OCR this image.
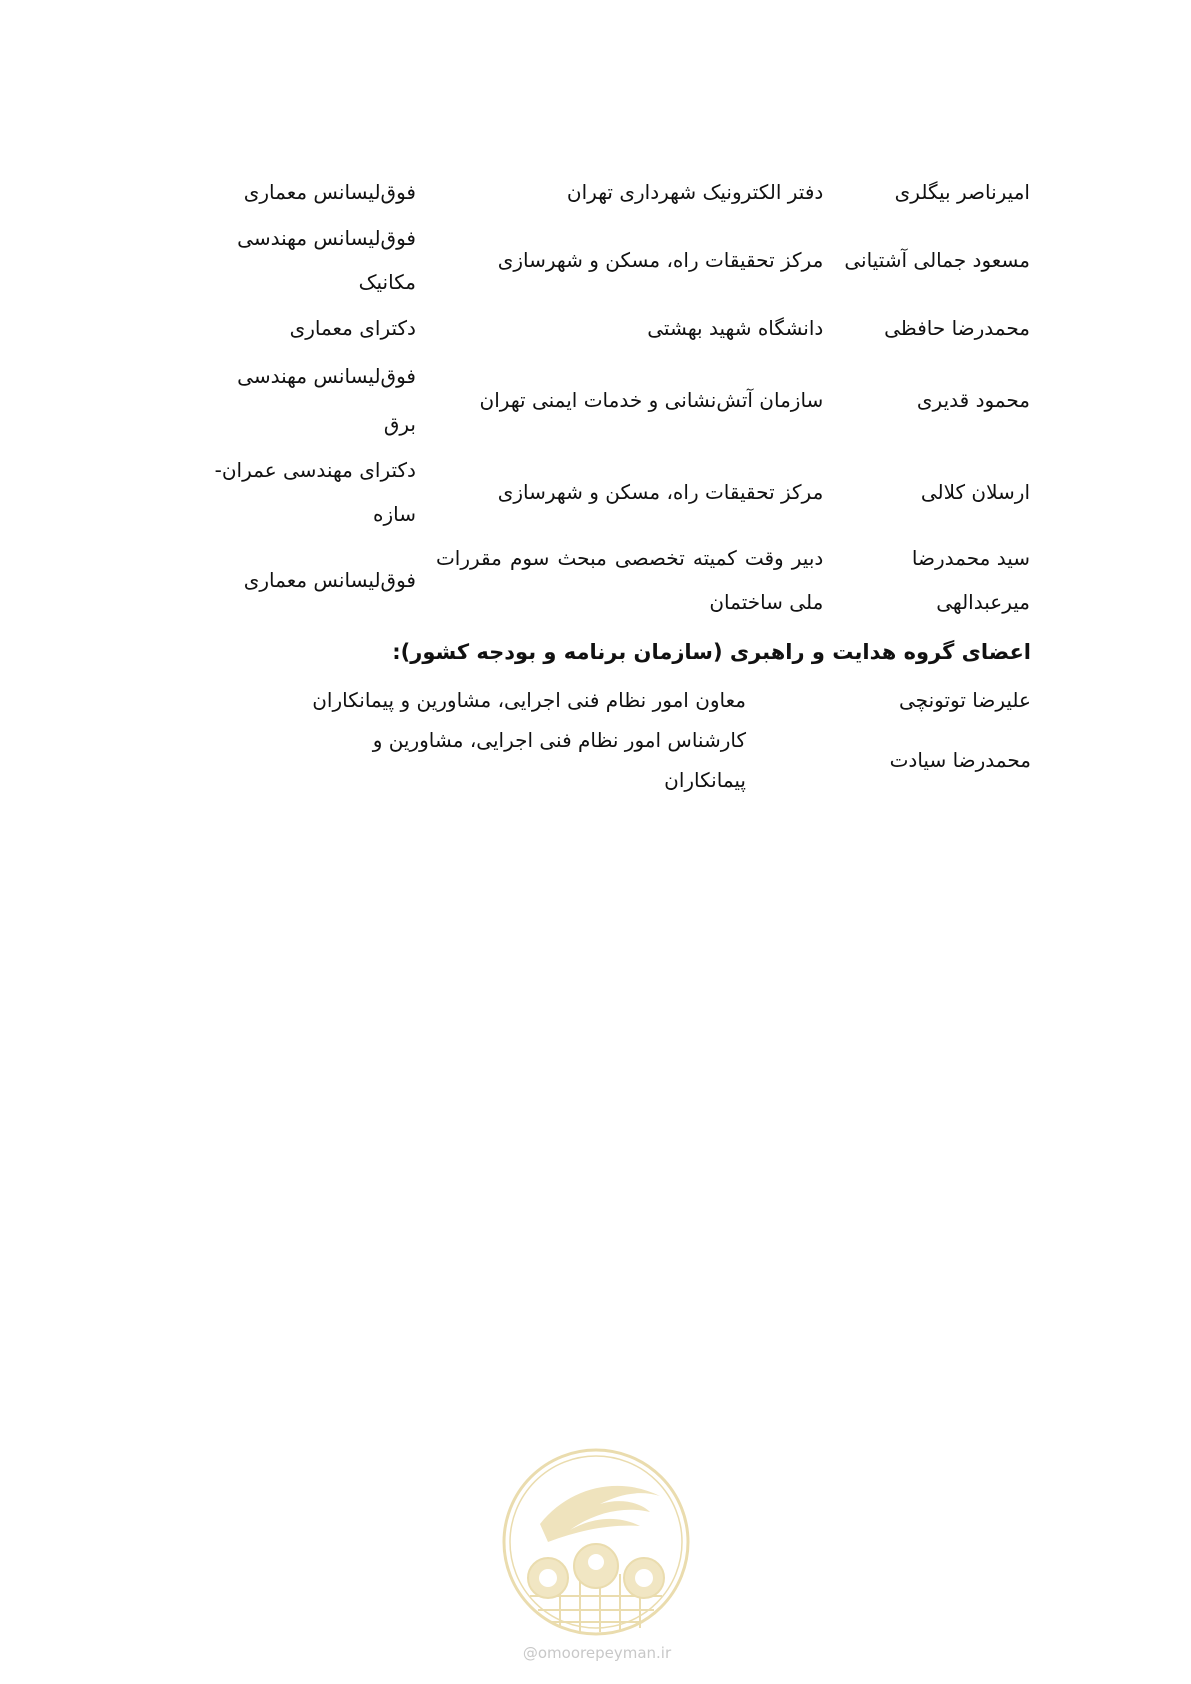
امیرناصر بیگلری	دفتر الکترونیک شهرداری تهران	فوق‌لیسانس معماری
مسعود جمالی آشتیانی	مرکز تحقیقات راه، مسکن و شهرسازی	فوق‌لیسانس مهندسی مکانیک
محمدرضا حافظی	دانشگاه شهید بهشتی	دکترای معماری
محمود قدیری	سازمان آتش‌نشانی و خدمات ایمنی تهران	فوق‌لیسانس مهندسی برق
ارسلان کلالی	مرکز تحقیقات راه، مسکن و شهرسازی	دکترای مهندسی عمران- سازه
سید محمدرضا میرعبدالهی	دبیر وقت کمیته تخصصی مبحث سوم مقررات ملی ساختمان	فوق‌لیسانس معماری
اعضای گروه هدایت و راهبری (سازمان برنامه و بودجه کشور):
علیرضا توتونچی	معاون امور نظام فنی اجرایی، مشاورین و پیمانکاران
محمدرضا سیادت	کارشناس امور نظام فنی اجرایی، مشاورین و پیمانکاران
@omoorepeyman.ir
